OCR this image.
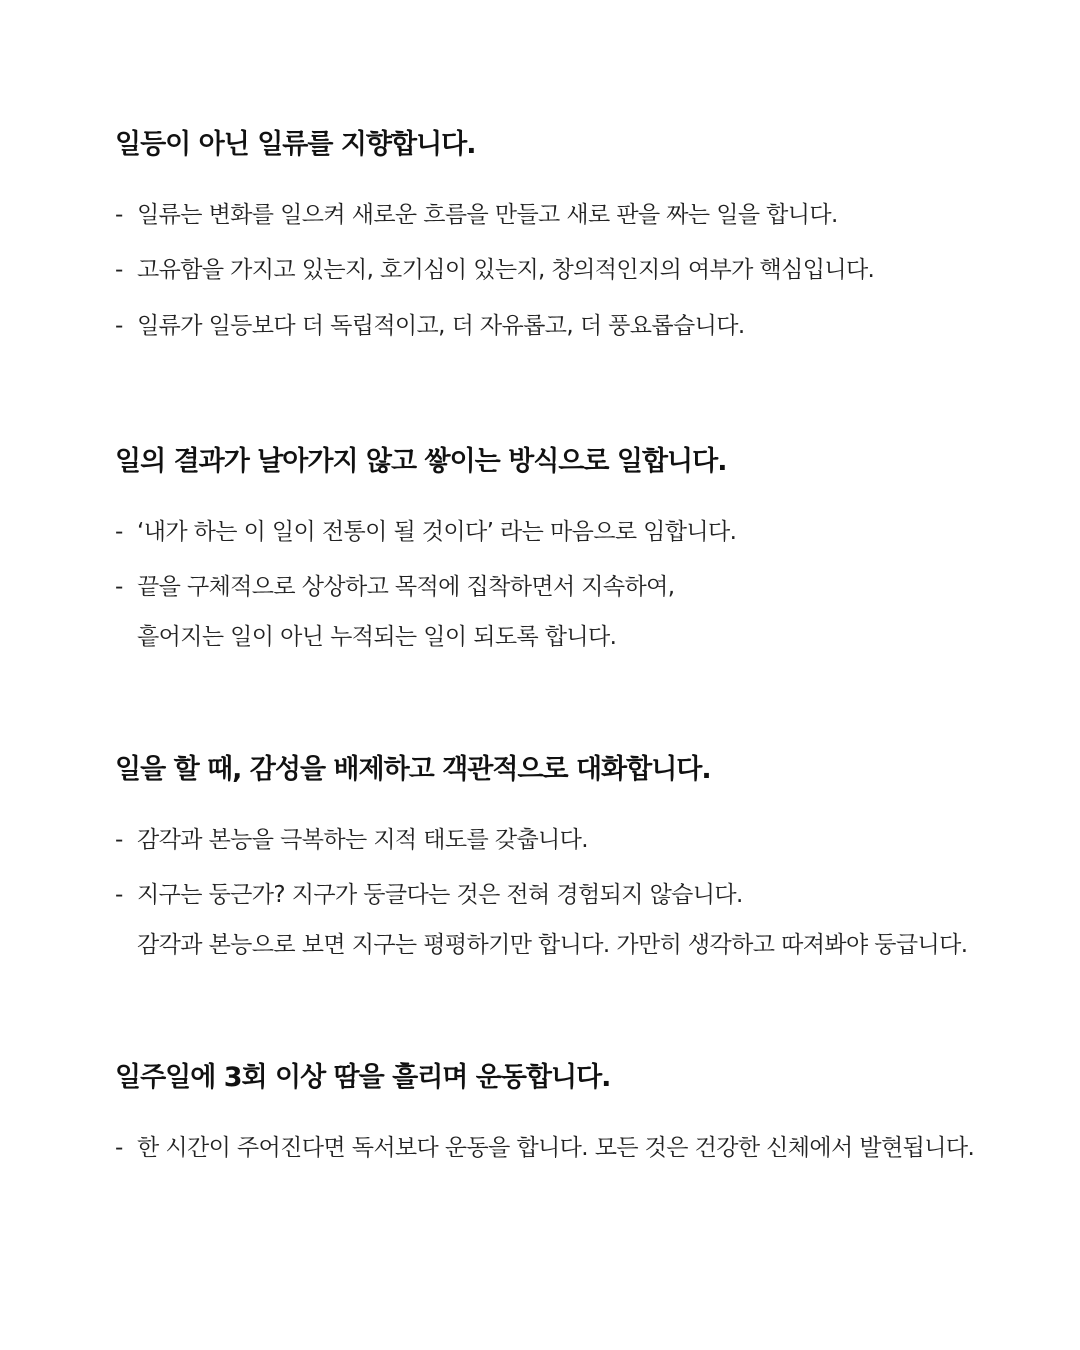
일등이 아닌 일류를 지향합니다.
- 일류는 변화를 일으켜 새로운 흐름을 만들고 새로 판을 짜는 일을 합니다.
- 고유함을 가지고 있는지, 호기심이 있는지, 창의적인지의 여부가 핵심입니다.
- 일류가 일등보다 더 독립적이고, 더 자유롭고, 더 풍요롭습니다.
일의 결과가 날아가지 않고 쌓이는 방식으로 일합니다.
- ‘내가 하는 이 일이 전통이 될 것이다’ 라는 마음으로 임합니다.
- 끝을 구체적으로 상상하고 목적에 집착하면서 지속하여,
흩어지는 일이 아닌 누적되는 일이 되도록 합니다.
일을 할 때, 감성을 배제하고 객관적으로 대화합니다.
- 감각과 본능을 극복하는 지적 태도를 갖춥니다.
- 지구는 둥근가? 지구가 둥글다는 것은 전혀 경험되지 않습니다.
감각과 본능으로 보면 지구는 평평하기만 합니다. 가만히 생각하고 따져봐야 둥급니다.
일주일에 3회 이상 땀을 흘리며 운동합니다.
- 한 시간이 주어진다면 독서보다 운동을 합니다. 모든 것은 건강한 신체에서 발현됩니다.
